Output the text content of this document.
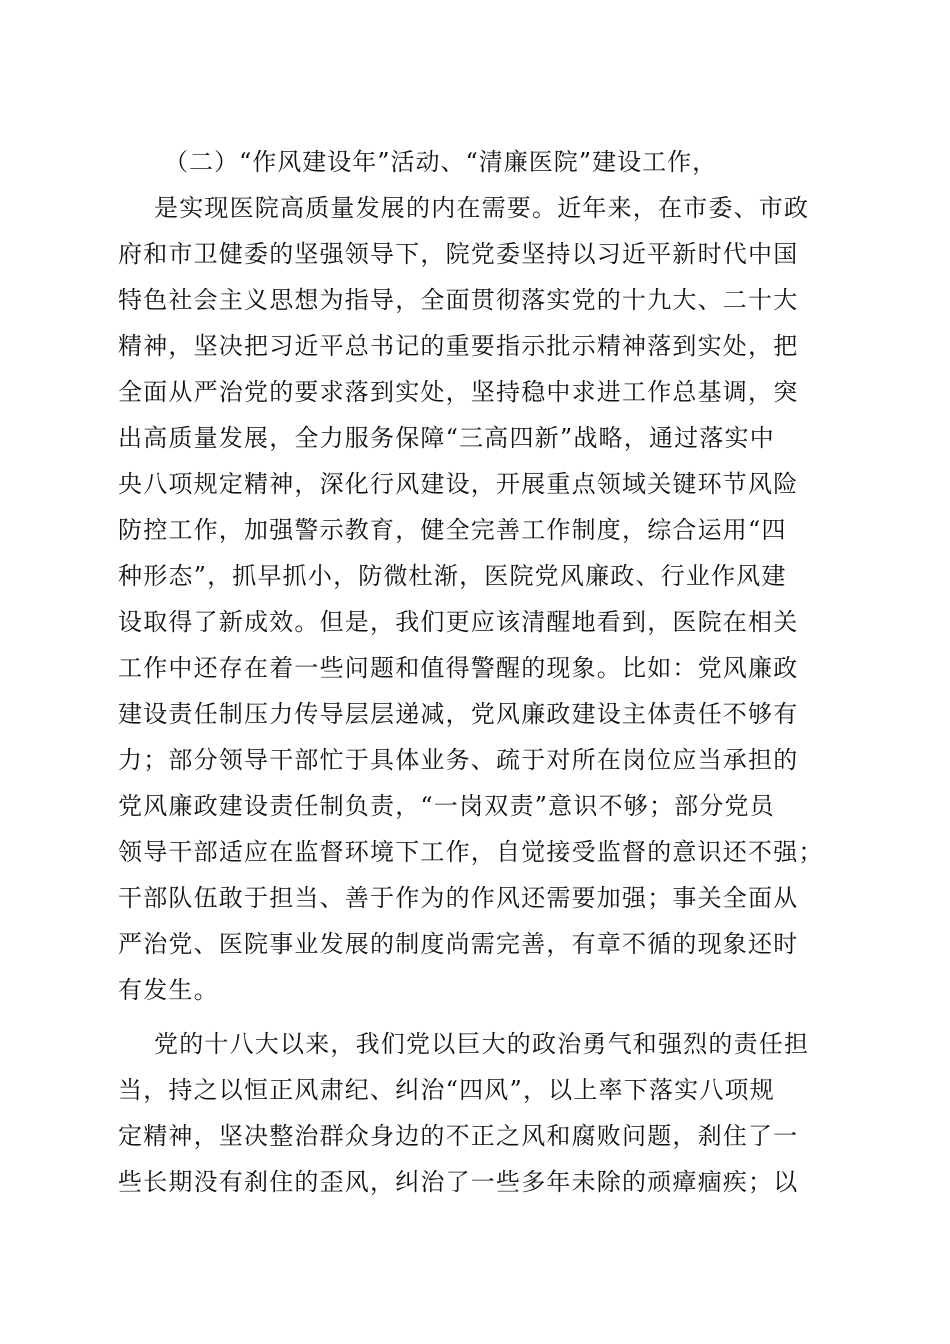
（二）“作风建设年”活动、“清廉医院”建设工作，
是实现医院高质量发展的内在需要。近年来，在市委、市政
府和市卫健委的坚强领导下，院党委坚持以习近平新时代中国
特色社会主义思想为指导，全面贯彻落实党的十九大、二十大
精神，坚决把习近平总书记的重要指示批示精神落到实处，把
全面从严治党的要求落到实处，坚持稳中求进工作总基调，突
出高质量发展，全力服务保障“三高四新”战略，通过落实中
央八项规定精神，深化行风建设，开展重点领域关键环节风险
防控工作，加强警示教育，健全完善工作制度，综合运用“四
种形态”，抓早抓小，防微杜渐，医院党风廉政、行业作风建
设取得了新成效。但是，我们更应该清醒地看到，医院在相关
工作中还存在着一些问题和值得警醒的现象。比如：党风廉政
建设责任制压力传导层层递减，党风廉政建设主体责任不够有
力；部分领导干部忙于具体业务、疏于对所在岗位应当承担的
党风廉政建设责任制负责，“一岗双责”意识不够；部分党员
领导干部适应在监督环境下工作，自觉接受监督的意识还不强；
干部队伍敢于担当、善于作为的作风还需要加强；事关全面从
严治党、医院事业发展的制度尚需完善，有章不循的现象还时
有发生。
党的十八大以来，我们党以巨大的政治勇气和强烈的责任担
当，持之以恒正风肃纪、纠治“四风”，以上率下落实八项规
定精神，坚决整治群众身边的不正之风和腐败问题，刹住了一
些长期没有刹住的歪风，纠治了一些多年未除的顽瘴痼疾；以
